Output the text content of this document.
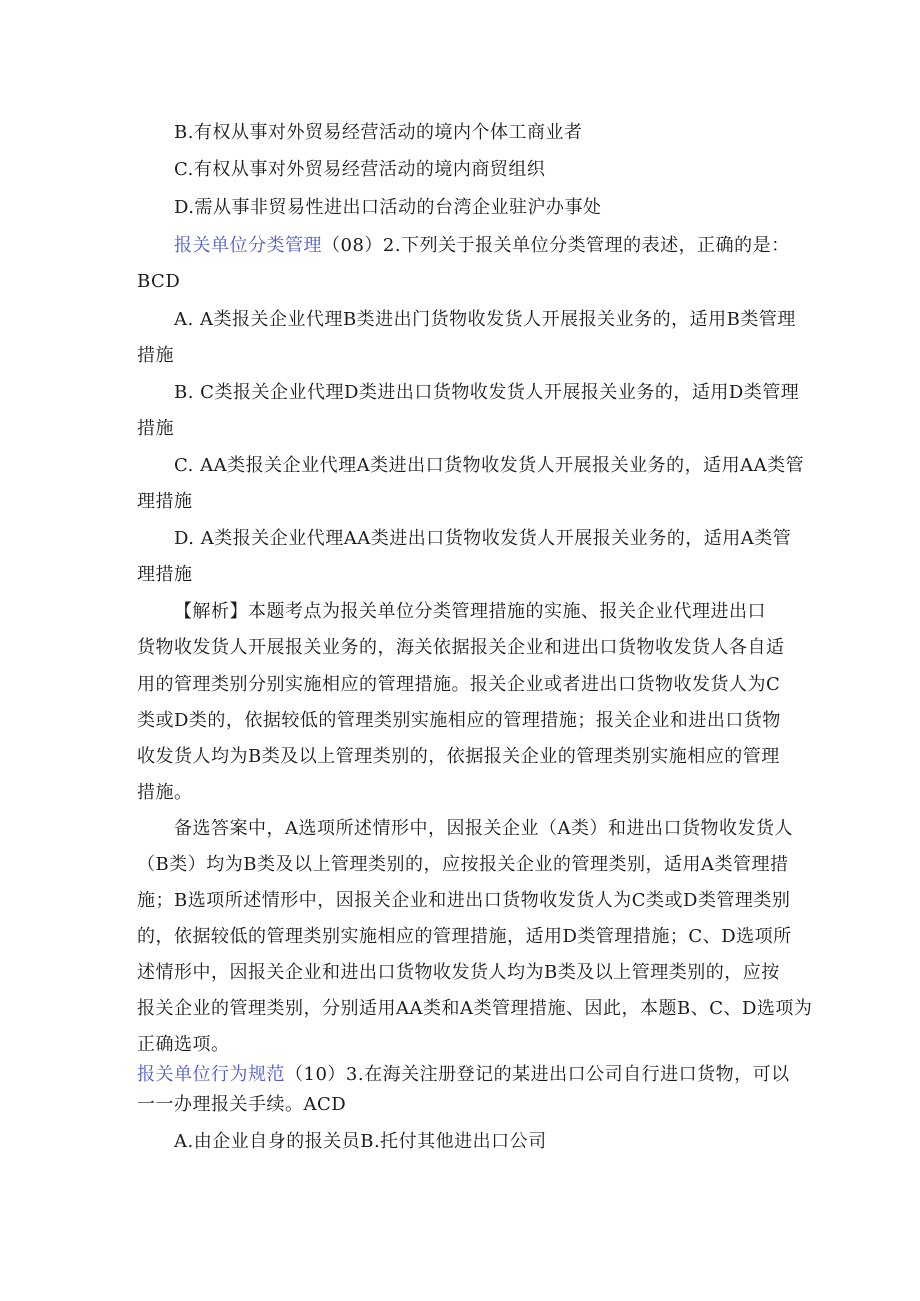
B.有权从事对外贸易经营活动的境内个体工商业者
C.有权从事对外贸易经营活动的境内商贸组织
D.需从事非贸易性进出口活动的台湾企业驻沪办事处
报关单位分类管理（08）2.下列关于报关单位分类管理的表述，正确的是：
BCD
A. A类报关企业代理B类进出门货物收发货人开展报关业务的，适用B类管理
措施
B. C类报关企业代理D类进出口货物收发货人开展报关业务的，适用D类管理
措施
C. AA类报关企业代理A类进出口货物收发货人开展报关业务的，适用AA类管
理措施
D. A类报关企业代理AA类进出口货物收发货人开展报关业务的，适用A类管
理措施
【解析】本题考点为报关单位分类管理措施的实施、报关企业代理进出口
货物收发货人开展报关业务的，海关依据报关企业和进出口货物收发货人各自适
用的管理类别分别实施相应的管理措施。报关企业或者进出口货物收发货人为C
类或D类的，依据较低的管理类别实施相应的管理措施；报关企业和进出口货物
收发货人均为B类及以上管理类别的，依据报关企业的管理类别实施相应的管理
措施。
备选答案中，A选项所述情形中，因报关企业（A类）和进出口货物收发货人
（B类）均为B类及以上管理类别的，应按报关企业的管理类别，适用A类管理措
施；B选项所述情形中，因报关企业和进出口货物收发货人为C类或D类管理类别
的，依据较低的管理类别实施相应的管理措施，适用D类管理措施；C、D选项所
述情形中，因报关企业和进出口货物收发货人均为B类及以上管理类别的，应按
报关企业的管理类别，分别适用AA类和A类管理措施、因此，本题B、C、D选项为
正确选项。
报关单位行为规范（10）3.在海关注册登记的某进出口公司自行进口货物，可以
一一办理报关手续。ACD
A.由企业自身的报关员B.托付其他进出口公司
